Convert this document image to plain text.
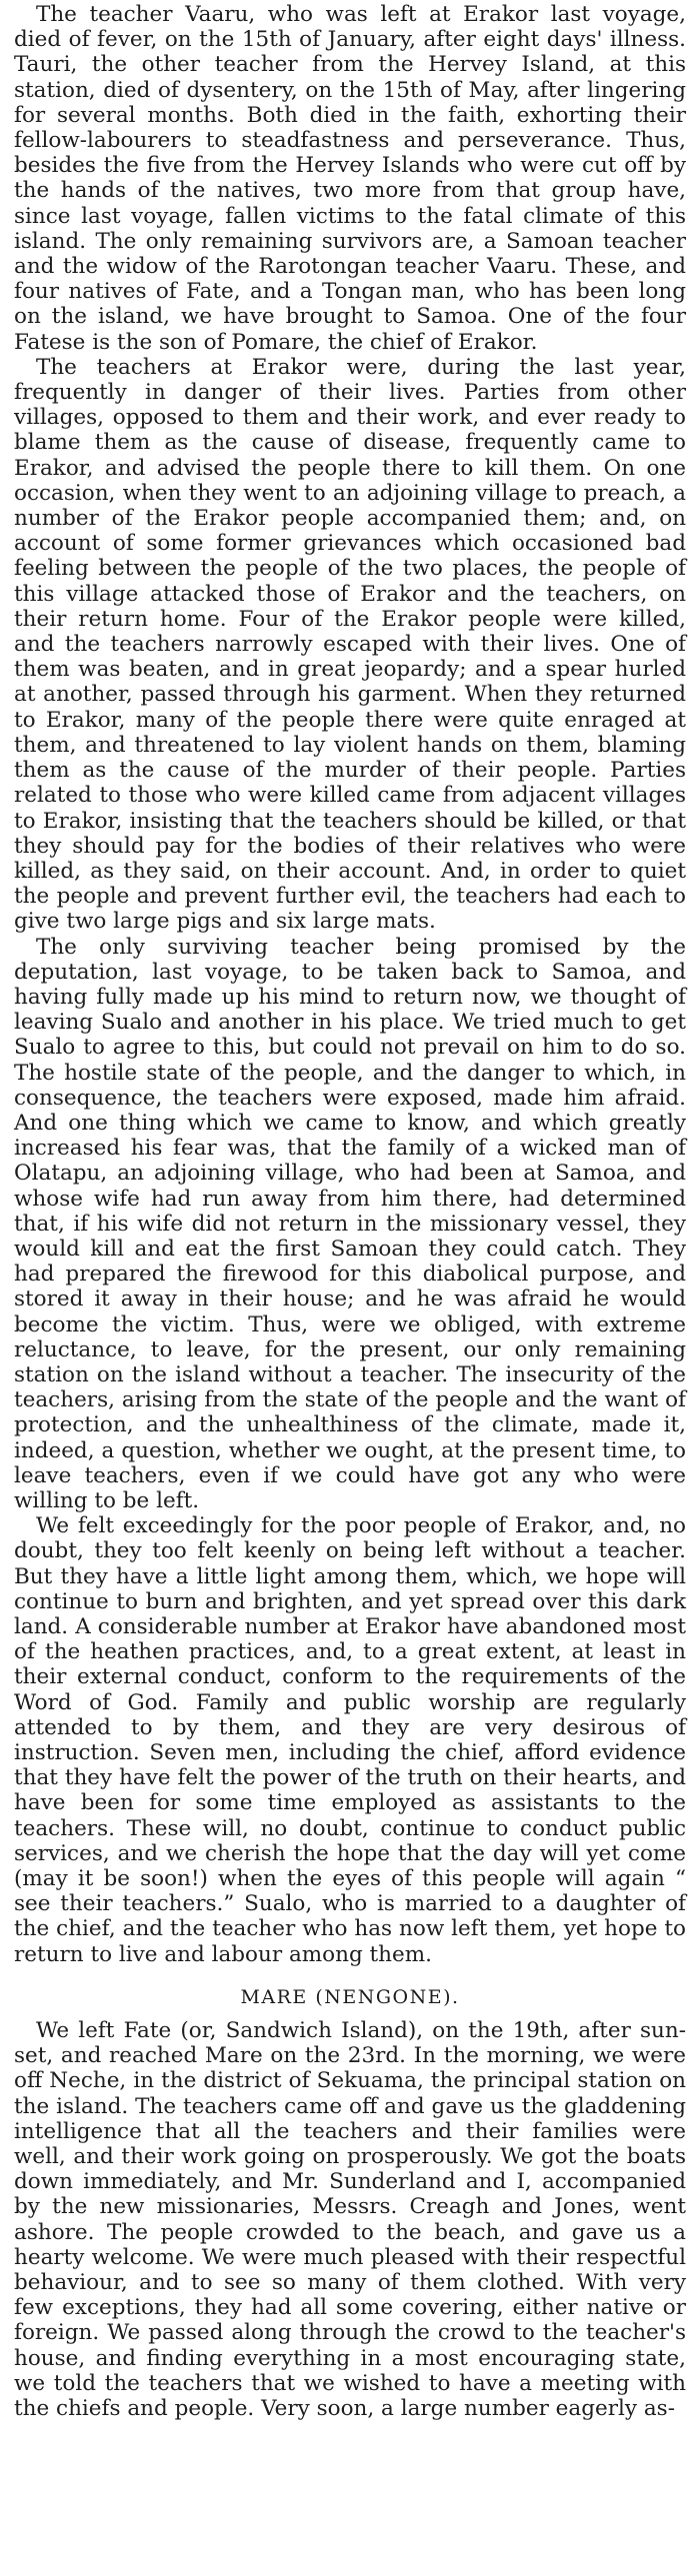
The teacher Vaaru, who was left at Erakor last voyage, died of fever, on the 15th of January, after eight days' illness. Tauri, the other teacher from the Hervey Island, at this station, died of dysentery, on the 15th of May, after lingering for several months. Both died in the faith, exhorting their fellow-labourers to steadfastness and perseverance. Thus, besides the five from the Hervey Islands who were cut off by the hands of the natives, two more from that group have, since last voyage, fallen victims to the fatal climate of this island. The only remaining survivors are, a Samoan teacher and the widow of the Rarotongan teacher Vaaru. These, and four natives of Fate, and a Tongan man, who has been long on the island, we have brought to Samoa. One of the four Fatese is the son of Pomare, the chief of Erakor.

The teachers at Erakor were, during the last year, frequently in danger of their lives. Parties from other villages, opposed to them and their work, and ever ready to blame them as the cause of disease, frequently came to Erakor, and advised the people there to kill them. On one occasion, when they went to an adjoining village to preach, a number of the Erakor people accompanied them; and, on account of some former grievances which occasioned bad feeling between the people of the two places, the people of this village attacked those of Erakor and the teachers, on their return home. Four of the Erakor people were killed, and the teachers narrowly escaped with their lives. One of them was beaten, and in great jeopardy; and a spear hurled at another, passed through his garment. When they returned to Erakor, many of the people there were quite enraged at them, and threatened to lay violent hands on them, blaming them as the cause of the murder of their people. Parties related to those who were killed came from adjacent villages to Erakor, insisting that the teachers should be killed, or that they should pay for the bodies of their relatives who were killed, as they said, on their account. And, in order to quiet the people and prevent further evil, the teachers had each to give two large pigs and six large mats.

The only surviving teacher being promised by the deputation, last voyage, to be taken back to Samoa, and having fully made up his mind to return now, we thought of leaving Sualo and another in his place. We tried much to get Sualo to agree to this, but could not prevail on him to do so. The hostile state of the people, and the danger to which, in consequence, the teachers were exposed, made him afraid. And one thing which we came to know, and which greatly increased his fear was, that the family of a wicked man of Olatapu, an adjoining village, who had been at Samoa, and whose wife had run away from him there, had determined that, if his wife did not return in the missionary vessel, they would kill and eat the first Samoan they could catch. They had prepared the firewood for this diabolical purpose, and stored it away in their house; and he was afraid he would become the victim. Thus, were we obliged, with extreme reluctance, to leave, for the present, our only remaining station on the island without a teacher. The insecurity of the teachers, arising from the state of the people and the want of protection, and the unhealthiness of the climate, made it, indeed, a question, whether we ought, at the present time, to leave teachers, even if we could have got any who were willing to be left.

We felt exceedingly for the poor people of Erakor, and, no doubt, they too felt keenly on being left without a teacher. But they have a little light among them, which, we hope will continue to burn and brighten, and yet spread over this dark land. A considerable number at Erakor have abandoned most of the heathen practices, and, to a great extent, at least in their external conduct, conform to the requirements of the Word of God. Family and public worship are regularly attended to by them, and they are very desirous of instruction. Seven men, including the chief, afford evidence that they have felt the power of the truth on their hearts, and have been for some time employed as assistants to the teachers. These will, no doubt, continue to conduct public services, and we cherish the hope that the day will yet come (may it be soon!) when the eyes of this people will again “ see their teachers.” Sualo, who is married to a daughter of the chief, and the teacher who has now left them, yet hope to return to live and labour among them.

MARE (NENGONE).

We left Fate (or, Sandwich Island), on the 19th, after sun-set, and reached Mare on the 23rd. In the morning, we were off Neche, in the district of Sekuama, the principal station on the island. The teachers came off and gave us the gladdening intelligence that all the teachers and their families were well, and their work going on prosperously. We got the boats down immediately, and Mr. Sunderland and I, accompanied by the new missionaries, Messrs. Creagh and Jones, went ashore. The people crowded to the beach, and gave us a hearty welcome. We were much pleased with their respectful behaviour, and to see so many of them clothed. With very few exceptions, they had all some covering, either native or foreign. We passed along through the crowd to the teacher's house, and finding everything in a most encouraging state, we told the teachers that we wished to have a meeting with the chiefs and people. Very soon, a large number eagerly as-
